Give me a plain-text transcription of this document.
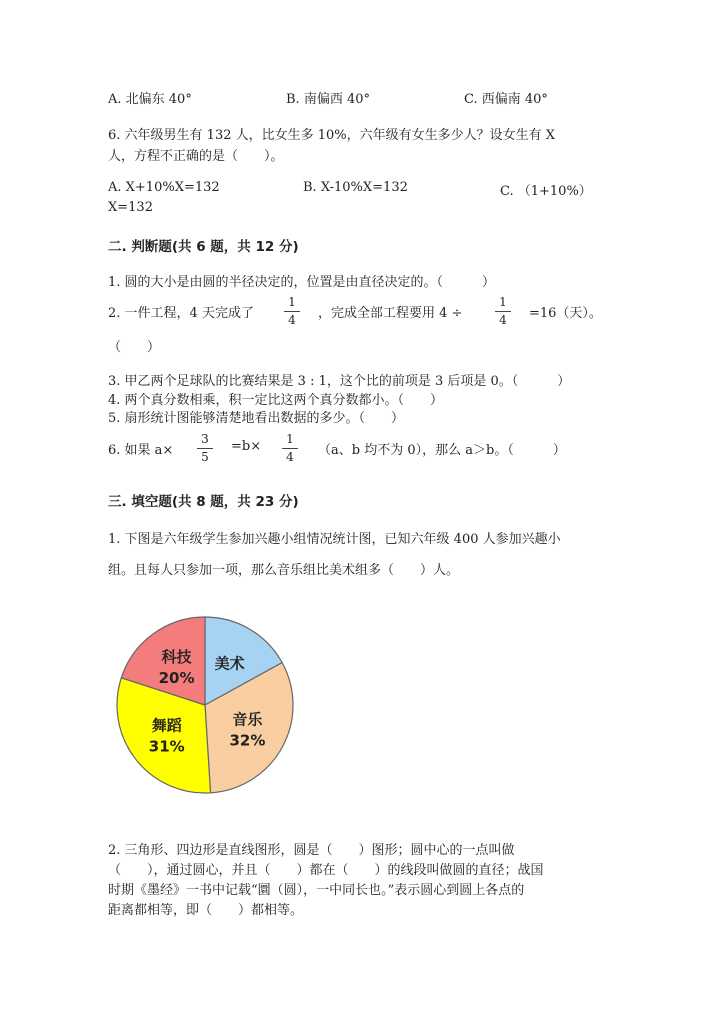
A. 北偏东 40°	B. 南偏西 40°	C. 西偏南 40°
6. 六年级男生有 132 人，比女生多 10%，六年级有女生多少人？设女生有 X
人，方程不正确的是（　　）。
A. X+10%X=132	B. X-10%X=132	C. （1+10%）
X=132
二. 判断题(共 6 题，共 12 分)
1. 圆的大小是由圆的半径决定的，位置是由直径决定的。（　　　）
2. 一件工程，4 天完成了
1
4	，完成全部工程要用 4 ÷
1
4	=16（天）。
（　　）
3. 甲乙两个足球队的比赛结果是 3 : 1，这个比的前项是 3 后项是 0。（　　　）
4. 两个真分数相乘，积一定比这两个真分数都小。（　　）
5. 扇形统计图能够清楚地看出数据的多少。（　　）
6. 如果 a×
3
5
=b×	1
4	（a、b 均不为 0），那么 a＞b。（　　　）
三. 填空题(共 8 题，共 23 分)
1. 下图是六年级学生参加兴趣小组情况统计图，已知六年级 400 人参加兴趣小
组。且每人只参加一项，那么音乐组比美术组多（　　）人。
美术
音乐
32%
舞蹈
31%
科技
20%
2. 三角形、四边形是直线图形，圆是（　　）图形；圆中心的一点叫做
（　　），通过圆心，并且（　　）都在（　　）的线段叫做圆的直径；战国
时期《墨经》一书中记载“圜（圆），一中同长也。”表示圆心到圆上各点的
距离都相等，即（　　）都相等。
